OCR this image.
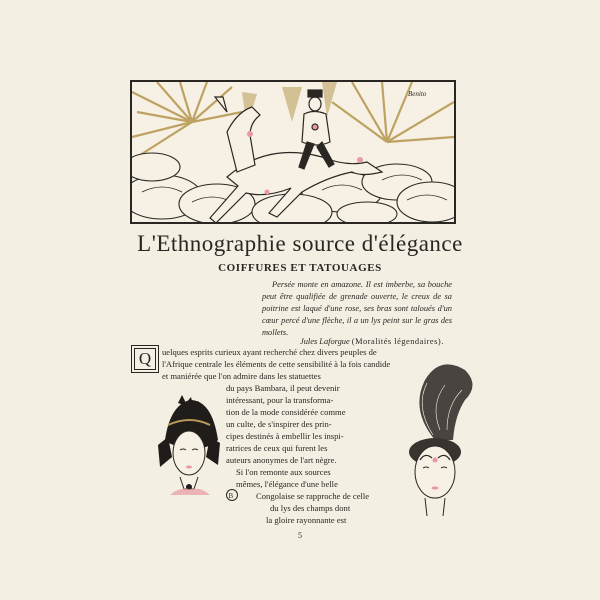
Benito
L'Ethnographie source d'élégance
COIFFURES ET TATOUAGES

Persée monte en amazone. Il est imberbe, sa bouche peut être qualifiée de grenade ouverte, le creux de sa poitrine est laqué d'une rose, ses bras sont taloués d'un cœur percé d'une flèche, il a un lys peint sur le gras des mollets.

Jules Laforgue (Moralités légendaires).
Q	uelques esprits curieux ayant recherché chez divers peuples de
l'Afrique centrale les éléments de cette sensibilité à la fois candide
et maniérée que l'on admire dans les statuettes
du pays Bambara, il peut devenir
intéressant, pour la transforma-
tion de la mode considérée comme
un culte, de s'inspirer des prin-
cipes destinés à embellir les inspi-
ratrices de ceux qui furent les
auteurs anonymes de l'art nègre.
Si l'on remonte aux sources
mêmes, l'élégance d'une belle
Congolaise se rapproche de celle
du lys des champs dont
la gloire rayonnante est
B
5
